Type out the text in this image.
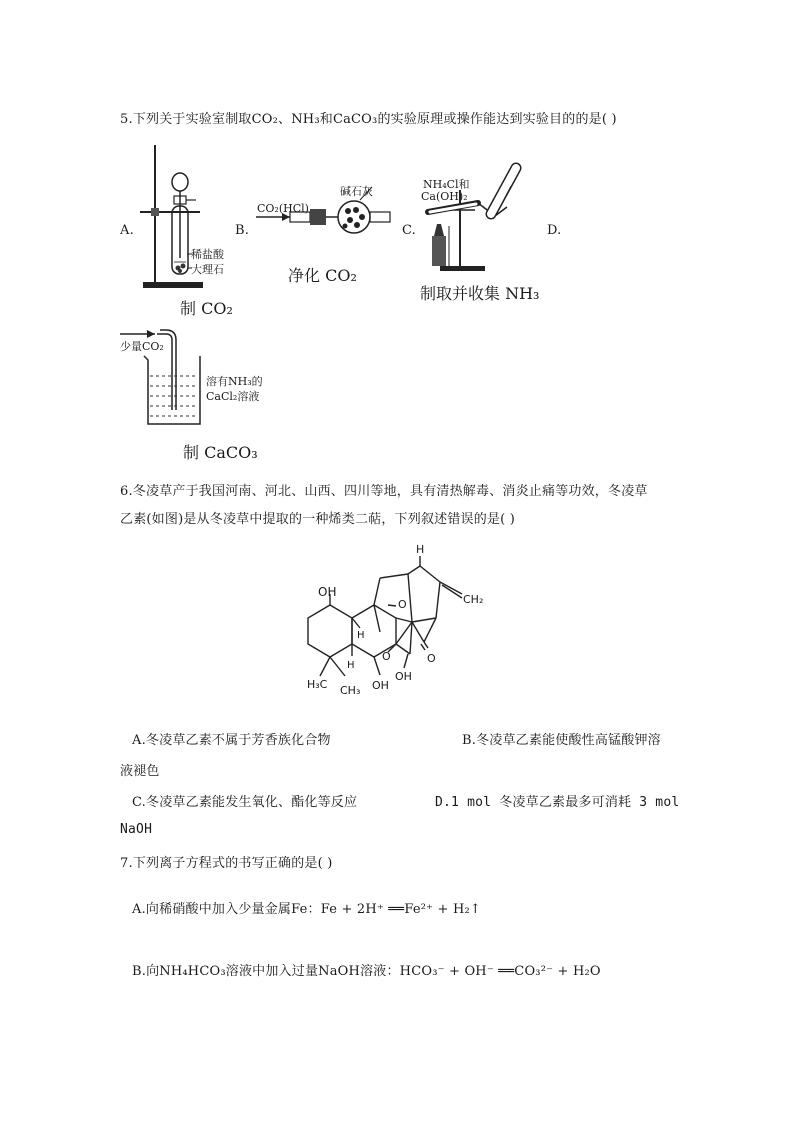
5.下列关于实验室制取CO₂、NH₃和CaCO₃的实验原理或操作能达到实验目的的是( )
A.
稀盐酸
大理石
制 CO₂
B.
CO₂(HCl)
碱石灰
净化 CO₂
C.
NH₄Cl和
Ca(OH)₂
制取并收集 NH₃
D.
少量CO₂
溶有NH₃的
CaCl₂溶液
制 CaCO₃
6.冬凌草产于我国河南、河北、山西、四川等地，具有清热解毒、消炎止痛等功效，冬凌草
乙素(如图)是从冬凌草中提取的一种烯类二萜，下列叙述错误的是( )
OH
H
CH₂
O
O
O
H
H
H₃C CH₃ OH
OH
A.冬凌草乙素不属于芳香族化合物	B.冬凌草乙素能使酸性高锰酸钾溶
液褪色
C.冬凌草乙素能发生氧化、酯化等反应	D.1 mol 冬凌草乙素最多可消耗 3 mol
NaOH
7.下列离子方程式的书写正确的是( )
A.向稀硝酸中加入少量金属Fe：Fe + 2H⁺ ══Fe²⁺ + H₂↑
B.向NH₄HCO₃溶液中加入过量NaOH溶液：HCO₃⁻ + OH⁻ ══CO₃²⁻ + H₂O
